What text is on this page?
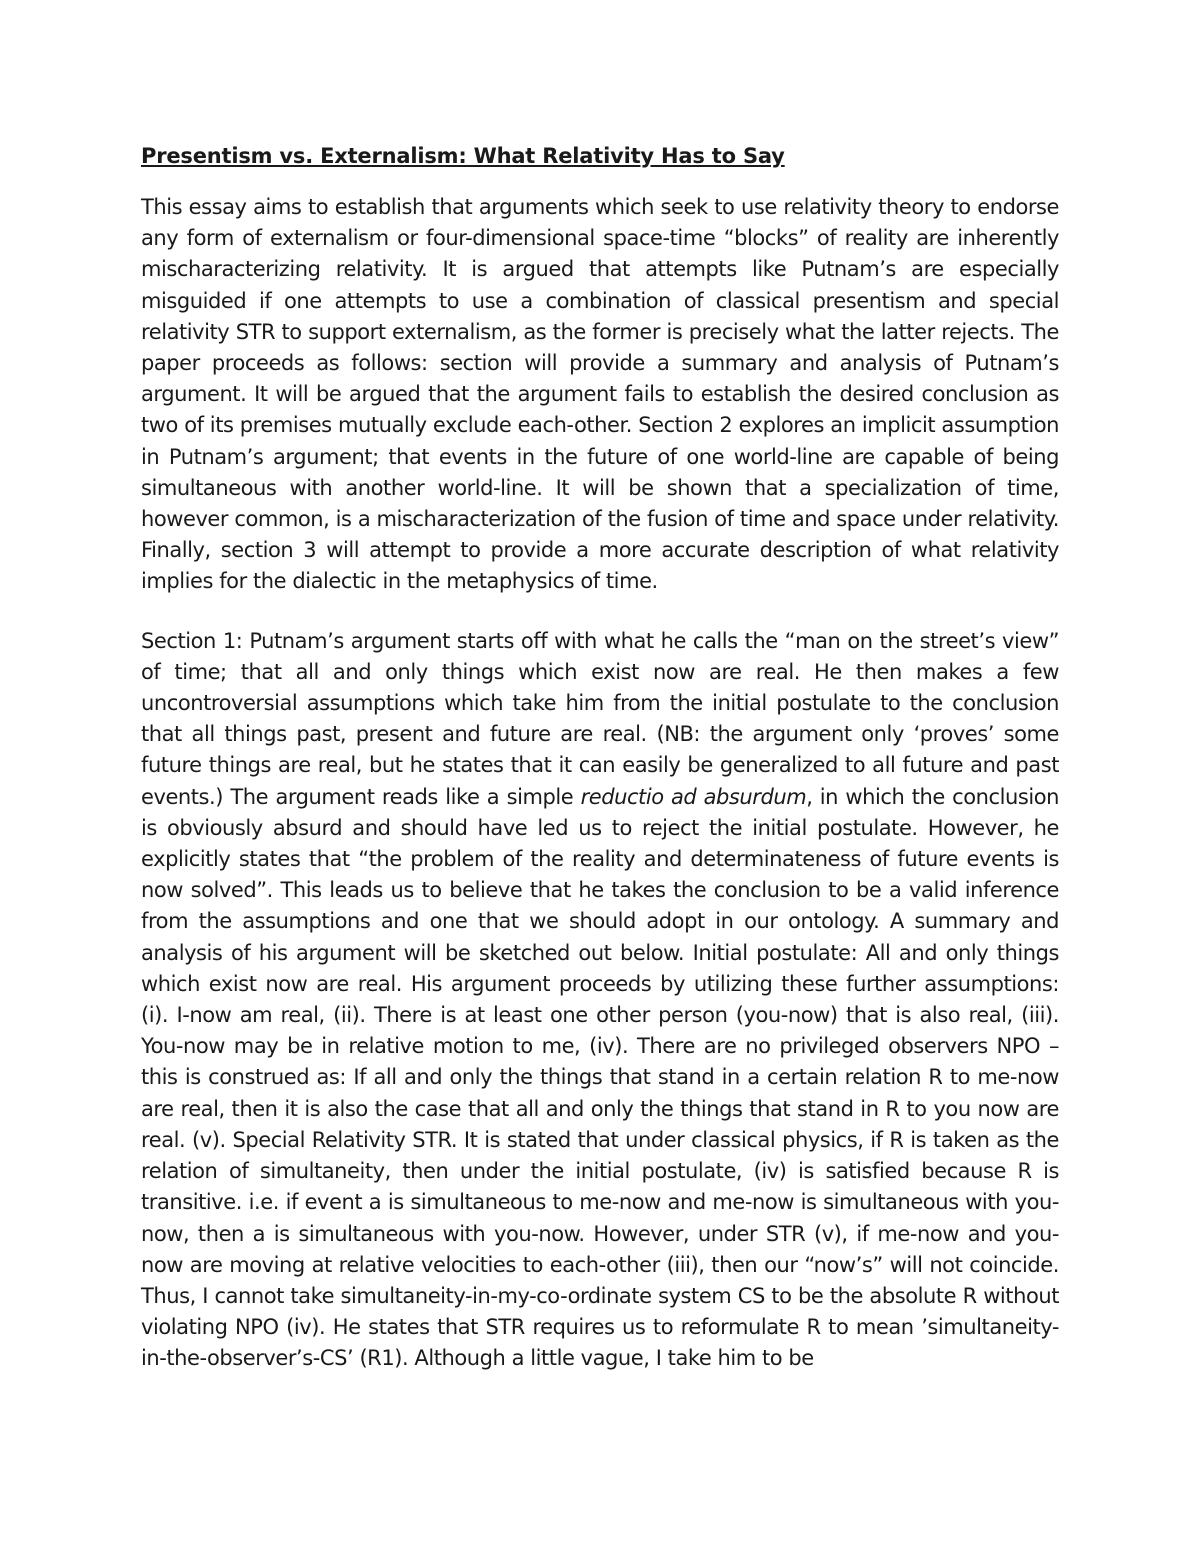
Presentism vs. Externalism: What Relativity Has to Say

This essay aims to establish that arguments which seek to use relativity theory to endorse any form of externalism or four-dimensional space-time “blocks” of reality are inherently mischaracterizing relativity. It is argued that attempts like Putnam’s are especially misguided if one attempts to use a combination of classical presentism and special relativity STR to support externalism, as the former is precisely what the latter rejects. The paper proceeds as follows: section will provide a summary and analysis of Putnam’s argument. It will be argued that the argument fails to establish the desired conclusion as two of its premises mutually exclude each-other. Section 2 explores an implicit assumption in Putnam’s argument; that events in the future of one world-line are capable of being simultaneous with another world-line. It will be shown that a specialization of time, however common, is a mischaracterization of the fusion of time and space under relativity. Finally, section 3 will attempt to provide a more accurate description of what relativity implies for the dialectic in the metaphysics of time.

Section 1: Putnam’s argument starts off with what he calls the “man on the street’s view” of time; that all and only things which exist now are real. He then makes a few uncontroversial assumptions which take him from the initial postulate to the conclusion that all things past, present and future are real. (NB: the argument only ‘proves’ some future things are real, but he states that it can easily be generalized to all future and past events.) The argument reads like a simple reductio ad absurdum, in which the conclusion is obviously absurd and should have led us to reject the initial postulate. However, he explicitly states that “the problem of the reality and determinateness of future events is now solved”. This leads us to believe that he takes the conclusion to be a valid inference from the assumptions and one that we should adopt in our ontology. A summary and analysis of his argument will be sketched out below. Initial postulate: All and only things which exist now are real. His argument proceeds by utilizing these further assumptions: (i). I-now am real, (ii). There is at least one other person (you-now) that is also real, (iii). You-now may be in relative motion to me, (iv). There are no privileged observers NPO – this is construed as: If all and only the things that stand in a certain relation R to me-now are real, then it is also the case that all and only the things that stand in R to you now are real. (v). Special Relativity STR. It is stated that under classical physics, if R is taken as the relation of simultaneity, then under the initial postulate, (iv) is satisfied because R is transitive. i.e. if event a is simultaneous to me-now and me-now is simultaneous with you-now, then a is simultaneous with you-now. However, under STR (v), if me-now and you-now are moving at relative velocities to each-other (iii), then our “now’s” will not coincide. Thus, I cannot take simultaneity-in-my-co-ordinate system CS to be the absolute R without violating NPO (iv). He states that STR requires us to reformulate R to mean ’simultaneity-in-the-observer’s-CS’ (R1). Although a little vague, I take him to be
